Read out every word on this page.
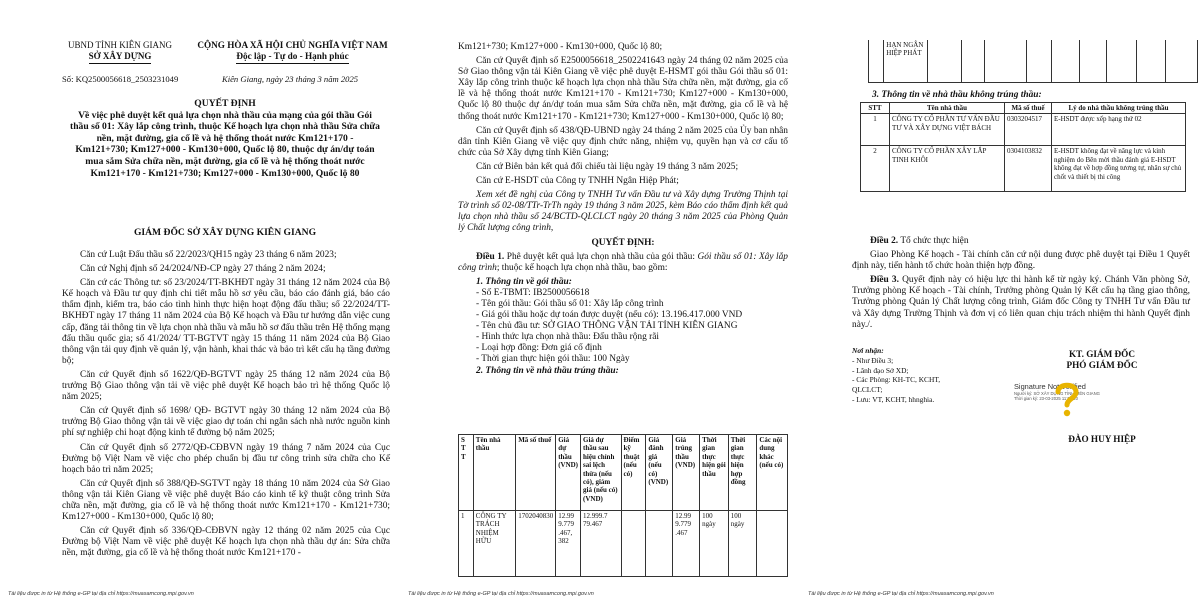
UBND TỈNH KIÊN GIANG
SỞ XÂY DỰNG
CỘNG HÒA XÃ HỘI CHỦ NGHĨA VIỆT NAM
Độc lập - Tự do - Hạnh phúc
Số: KQ2500056618_2503231049	Kiên Giang, ngày 23 tháng 3 năm 2025
QUYẾT ĐỊNH
Về việc phê duyệt kết quả lựa chọn nhà thầu của mạng của gói thầu Gói thầu số 01: Xây lắp công trình, thuộc Kế hoạch lựa chọn nhà thầu Sửa chữa nền, mặt đường, gia cố lề và hệ thống thoát nước Km121+170 - Km121+730; Km127+000 - Km130+000, Quốc lộ 80, thuộc dự án/dự toán mua sắm Sửa chữa nền, mặt đường, gia cố lề và hệ thống thoát nước Km121+170 - Km121+730; Km127+000 - Km130+000, Quốc lộ 80
GIÁM ĐỐC SỞ XÂY DỰNG KIÊN GIANG

Căn cứ Luật Đấu thầu số 22/2023/QH15 ngày 23 tháng 6 năm 2023;

Căn cứ Nghị định số 24/2024/NĐ-CP ngày 27 tháng 2 năm 2024;

Căn cứ các Thông tư: số 23/2024/TT-BKHĐT ngày 31 tháng 12 năm 2024 của Bộ Kế hoạch và Đầu tư quy định chi tiết mẫu hồ sơ yêu cầu, báo cáo đánh giá, báo cáo thẩm định, kiểm tra, báo cáo tình hình thực hiện hoạt động đấu thầu; số 22/2024/TT-BKHĐT ngày 17 tháng 11 năm 2024 của Bộ Kế hoạch và Đầu tư hướng dẫn việc cung cấp, đăng tải thông tin về lựa chọn nhà thầu và mẫu hồ sơ đấu thầu trên Hệ thống mạng đấu thầu quốc gia; số 41/2024/ TT-BGTVT ngày 15 tháng 11 năm 2024 của Bộ Giao thông vận tải quy định về quản lý, vận hành, khai thác và bảo trì kết cấu hạ tầng đường bộ;

Căn cứ Quyết định số 1622/QĐ-BGTVT ngày 25 tháng 12 năm 2024 của Bộ trưởng Bộ Giao thông vận tải về việc phê duyệt Kế hoạch bảo trì hệ thống Quốc lộ năm 2025;

Căn cứ Quyết định số 1698/ QĐ- BGTVT ngày 30 tháng 12 năm 2024 của Bộ trưởng Bộ Giao thông vận tải về việc giao dự toán chi ngân sách nhà nước nguồn kinh phí sự nghiệp chi hoạt động kinh tế đường bộ năm 2025;

Căn cứ Quyết định số 2772/QĐ-CĐBVN ngày 19 tháng 7 năm 2024 của Cục Đường bộ Việt Nam về việc cho phép chuẩn bị đầu tư công trình sửa chữa cho Kế hoạch bảo trì năm 2025;

Căn cứ Quyết định số 388/QĐ-SGTVT ngày 18 tháng 10 năm 2024 của Sở Giao thông vận tải Kiên Giang về việc phê duyệt Báo cáo kinh tế kỹ thuật công trình Sửa chữa nền, mặt đường, gia cố lề và hệ thống thoát nước Km121+170 - Km121+730; Km127+000 - Km130+000, Quốc lộ 80;

Căn cứ Quyết định số 336/QĐ-CĐBVN ngày 12 tháng 02 năm 2025 của Cục Đường bộ Việt Nam về việc phê duyệt Kế hoạch lựa chọn nhà thầu dự án: Sửa chữa nền, mặt đường, gia cố lề và hệ thống thoát nước Km121+170 -

Tài liệu được in từ Hệ thống e-GP tại địa chỉ https://muasamcong.mpi.gov.vn

Km121+730; Km127+000 - Km130+000, Quốc lộ 80;

Căn cứ Quyết định số E2500056618_2502241643 ngày 24 tháng 02 năm 2025 của Sở Giao thông vận tải Kiên Giang về việc phê duyệt E-HSMT gói thầu Gói thầu số 01: Xây lắp công trình thuộc kế hoạch lựa chọn nhà thầu Sửa chữa nền, mặt đường, gia cố lề và hệ thống thoát nước Km121+170 - Km121+730; Km127+000 - Km130+000, Quốc lộ 80 thuộc dự án/dự toán mua sắm Sửa chữa nền, mặt đường, gia cố lề và hệ thống thoát nước Km121+170 - Km121+730; Km127+000 - Km130+000, Quốc lộ 80;

Căn cứ Quyết định số 438/QĐ-UBND ngày 24 tháng 2 năm 2025 của Ủy ban nhân dân tỉnh Kiên Giang về việc quy định chức năng, nhiệm vụ, quyền hạn và cơ cấu tổ chức của Sở Xây dựng tỉnh Kiên Giang;

Căn cứ Biên bản kết quả đối chiếu tài liệu ngày 19 tháng 3 năm 2025;

Căn cứ E-HSDT của Công ty TNHH Ngân Hiệp Phát;

Xem xét đề nghị của Công ty TNHH Tư vấn Đầu tư và Xây dựng Trường Thịnh tại Tờ trình số 02-08/TTr-TrTh ngày 19 tháng 3 năm 2025, kèm Báo cáo thẩm định kết quả lựa chọn nhà thầu số 24/BCTD-QLCLCT ngày 20 tháng 3 năm 2025 của Phòng Quản lý Chất lượng công trình,

QUYẾT ĐỊNH:

Điều 1. Phê duyệt kết quả lựa chọn nhà thầu của gói thầu: Gói thầu số 01: Xây lắp công trình; thuộc kế hoạch lựa chọn nhà thầu, bao gồm:

1. Thông tin về gói thầu:
- Số E-TBMT: IB2500056618
- Tên gói thầu: Gói thầu số 01: Xây lắp công trình
- Giá gói thầu hoặc dự toán được duyệt (nếu có): 13.196.417.000 VND
- Tên chủ đầu tư: SỞ GIAO THÔNG VẬN TẢI TỈNH KIÊN GIANG
- Hình thức lựa chọn nhà thầu: Đấu thầu rộng rãi
- Loại hợp đồng: Đơn giá cố định
- Thời gian thực hiện gói thầu: 100 Ngày
2. Thông tin về nhà thầu trúng thầu:
S T T	Tên nhà thầu	Mã số thuế	Giá dự thầu (VND)	Giá dự thầu sau hiệu chỉnh sai lệch thừa (nếu có), giảm giá (nếu có) (VND)	Điểm kỹ thuật (nếu có)	Giá đánh giá (nếu có) (VND)	Giá trúng thầu (VND)	Thời gian thực hiện gói thầu	Thời gian thực hiện hợp đồng	Các nội dung khác (nếu có)
1	CÔNG TY TRÁCH NHIỆM HỮU	1702040830	12.99 9.779 .467, 382	12.999.7 79.467			12.99 9.779 .467	100 ngày	100 ngày	
Tài liệu được in từ Hệ thống e-GP tại địa chỉ https://muasamcong.mpi.gov.vn
	HẠN NGÂN HIỆP PHÁT									
3. Thông tin về nhà thầu không trúng thầu:
STT	Tên nhà thầu	Mã số thuế	Lý do nhà thầu không trúng thầu
1	CÔNG TY CỔ PHẦN TƯ VẤN ĐẦU TƯ VÀ XÂY DỰNG VIỆT BÁCH	0303204517	E-HSDT được xếp hạng thứ 02
2	CÔNG TY CỔ PHẦN XÂY LẮP TINH KHÔI	0304103832	E-HSDT không đạt về năng lực và kinh nghiệm do Bên mời thầu đánh giá E-HSDT không đạt về hợp đồng tương tự, nhân sự chủ chốt và thiết bị thi công

Điều 2. Tổ chức thực hiện

Giao Phòng Kế hoạch - Tài chính căn cứ nội dung được phê duyệt tại Điều 1 Quyết định này, tiến hành tổ chức hoàn thiện hợp đồng.

Điều 3. Quyết định này có hiệu lực thi hành kể từ ngày ký. Chánh Văn phòng Sở, Trưởng phòng Kế hoạch - Tài chính, Trưởng phòng Quản lý Kết cấu hạ tầng giao thông, Trưởng phòng Quản lý Chất lượng công trình, Giám đốc Công ty TNHH Tư vấn Đầu tư và Xây dựng Trường Thịnh và đơn vị có liên quan chịu trách nhiệm thi hành Quyết định này./.

Nơi nhận:
- Như Điều 3;
- Lãnh đạo Sở XD;
- Các Phòng: KH-TC, KCHT,
QLCLCT;
- Lưu: VT, KCHT, hhnghia.
KT. GIÁM ĐỐC
PHÓ GIÁM ĐỐC
Signature Not Verified
Người ký: SỞ XÂY DỰNG TỈNH KIÊN GIANG
Thời gian ký: 23-03-2025 11:02:20
ĐÀO HUY HIỆP
Tài liệu được in từ Hệ thống e-GP tại địa chỉ https://muasamcong.mpi.gov.vn
